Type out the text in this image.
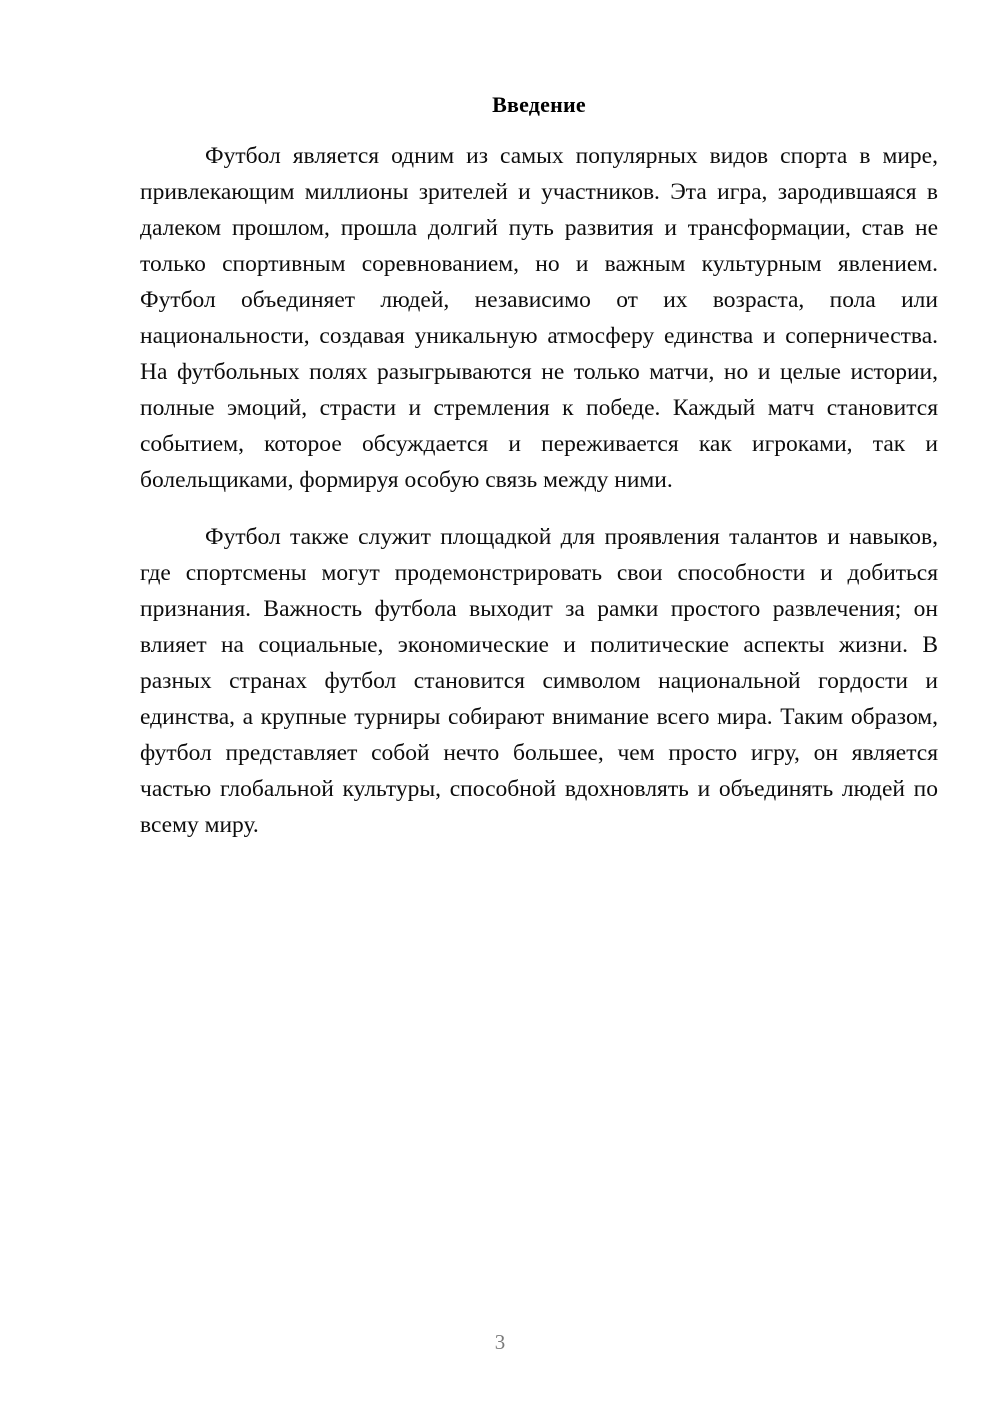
Введение

Футбол является одним из самых популярных видов спорта в мире, привлекающим миллионы зрителей и участников. Эта игра, зародившаяся в далеком прошлом, прошла долгий путь развития и трансформации, став не только спортивным соревнованием, но и важным культурным явлением. Футбол объединяет людей, независимо от их возраста, пола или национальности, создавая уникальную атмосферу единства и соперничества. На футбольных полях разыгрываются не только матчи, но и целые истории, полные эмоций, страсти и стремления к победе. Каждый матч становится событием, которое обсуждается и переживается как игроками, так и болельщиками, формируя особую связь между ними.

Футбол также служит площадкой для проявления талантов и навыков, где спортсмены могут продемонстрировать свои способности и добиться признания. Важность футбола выходит за рамки простого развлечения; он влияет на социальные, экономические и политические аспекты жизни. В разных странах футбол становится символом национальной гордости и единства, а крупные турниры собирают внимание всего мира. Таким образом, футбол представляет собой нечто большее, чем просто игру, он является частью глобальной культуры, способной вдохновлять и объединять людей по всему миру.

3
